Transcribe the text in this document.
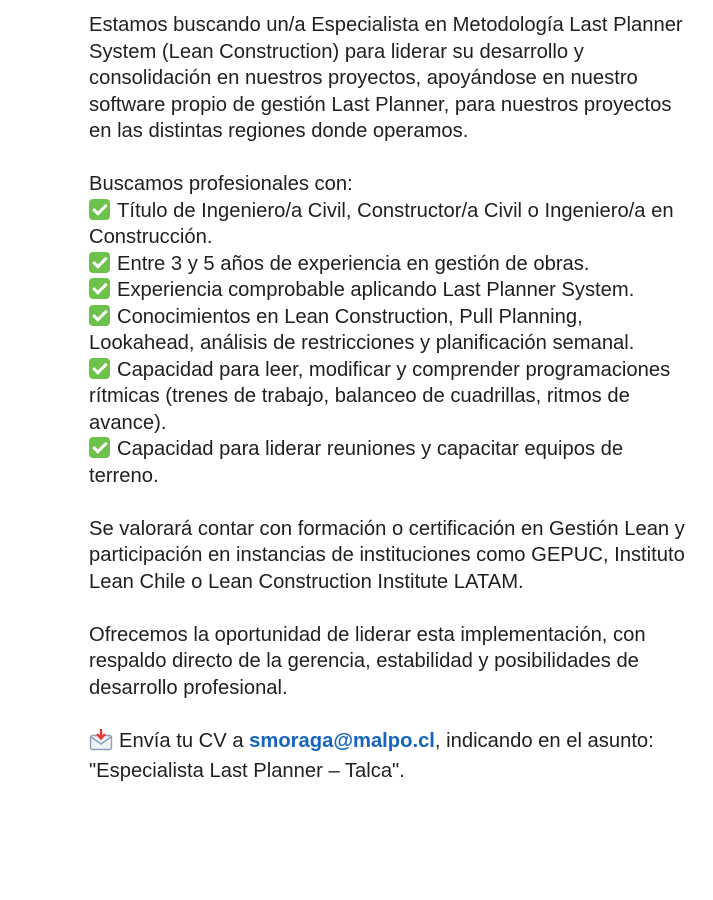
Estamos buscando un/a Especialista en Metodología Last Planner System (Lean Construction) para liderar su desarrollo y consolidación en nuestros proyectos, apoyándose en nuestro software propio de gestión Last Planner, para nuestros proyectos en las distintas regiones donde operamos.

Buscamos profesionales con:
Título de Ingeniero/a Civil, Constructor/a Civil o Ingeniero/a en Construcción.
Entre 3 y 5 años de experiencia en gestión de obras.
Experiencia comprobable aplicando Last Planner System.
Conocimientos en Lean Construction, Pull Planning, Lookahead, análisis de restricciones y planificación semanal.
Capacidad para leer, modificar y comprender programaciones rítmicas (trenes de trabajo, balanceo de cuadrillas, ritmos de avance).
Capacidad para liderar reuniones y capacitar equipos de terreno.

Se valorará contar con formación o certificación en Gestión Lean y participación en instancias de instituciones como GEPUC, Instituto Lean Chile o Lean Construction Institute LATAM.

Ofrecemos la oportunidad de liderar esta implementación, con respaldo directo de la gerencia, estabilidad y posibilidades de desarrollo profesional.

Envía tu CV a smoraga@malpo.cl, indicando en el asunto: "Especialista Last Planner – Talca".
